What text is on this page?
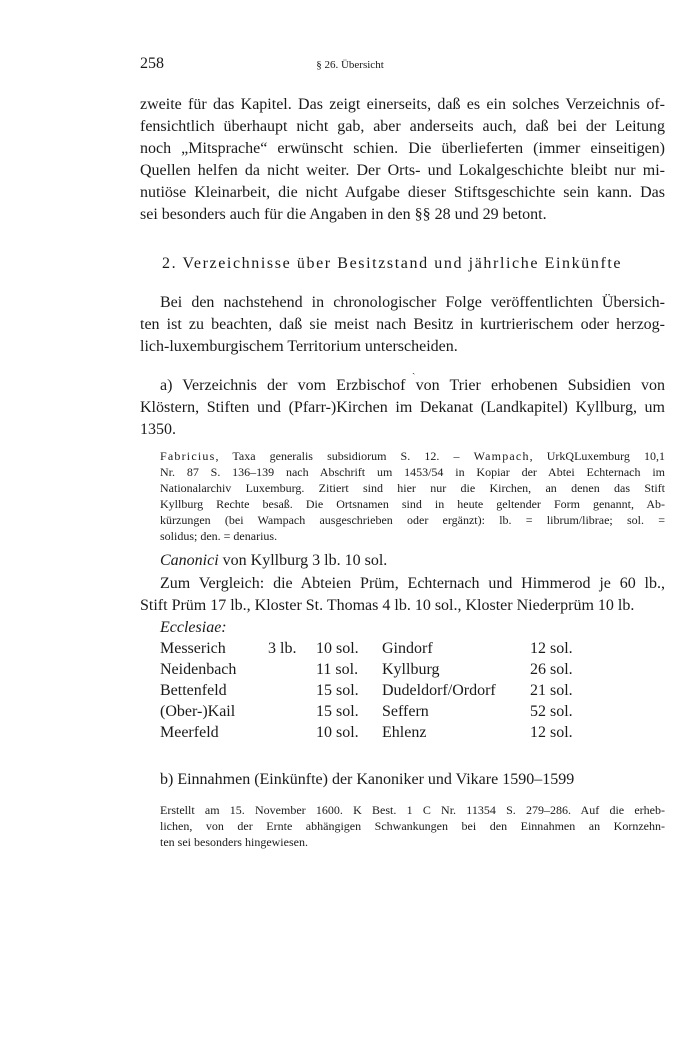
258	§ 26. Übersicht
zweite für das Kapitel. Das zeigt einerseits, daß es ein solches Verzeichnis of-
fensichtlich überhaupt nicht gab, aber anderseits auch, daß bei der Leitung
noch „Mitsprache“ erwünscht schien. Die überlieferten (immer einseitigen)
Quellen helfen da nicht weiter. Der Orts- und Lokalgeschichte bleibt nur mi-
nutiöse Kleinarbeit, die nicht Aufgabe dieser Stiftsgeschichte sein kann. Das
sei besonders auch für die Angaben in den §§ 28 und 29 betont.
2. Verzeichnisse über Besitzstand und jährliche Einkünfte
Bei den nachstehend in chronologischer Folge veröffentlichten Übersich-
ten ist zu beachten, daß sie meist nach Besitz in kurtrierischem oder herzog-
lich-luxemburgischem Territorium unterscheiden.
ˏ
a) Verzeichnis der vom Erzbischof von Trier erhobenen Subsidien von
Klöstern, Stiften und (Pfarr-)Kirchen im Dekanat (Landkapitel) Kyllburg, um
1350.
Fabricius, Taxa generalis subsidiorum S. 12. – Wampach, UrkQLuxemburg 10,1
Nr. 87 S. 136–139 nach Abschrift um 1453/54 in Kopiar der Abtei Echternach im
Nationalarchiv Luxemburg. Zitiert sind hier nur die Kirchen, an denen das Stift
Kyllburg Rechte besaß. Die Ortsnamen sind in heute geltender Form genannt, Ab-
kürzungen (bei Wampach ausgeschrieben oder ergänzt): lb. = librum/librae; sol. =
solidus; den. = denarius.
Canonici von Kyllburg 3 lb. 10 sol.
Zum Vergleich: die Abteien Prüm, Echternach und Himmerod je 60 lb.,
Stift Prüm 17 lb., Kloster St. Thomas 4 lb. 10 sol., Kloster Niederprüm 10 lb.
Ecclesiae:
Messerich	3 lb. 10 sol. Gindorf	12 sol.
Neidenbach	11 sol. Kyllburg	26 sol.
Bettenfeld	15 sol. Dudeldorf/Ordorf 21 sol.
(Ober-)Kail	15 sol. Seffern	52 sol.
Meerfeld	10 sol. Ehlenz	12 sol.
b) Einnahmen (Einkünfte) der Kanoniker und Vikare 1590–1599
Erstellt am 15. November 1600. K Best. 1 C Nr. 11354 S. 279–286. Auf die erheb-
lichen, von der Ernte abhängigen Schwankungen bei den Einnahmen an Kornzehn-
ten sei besonders hingewiesen.
